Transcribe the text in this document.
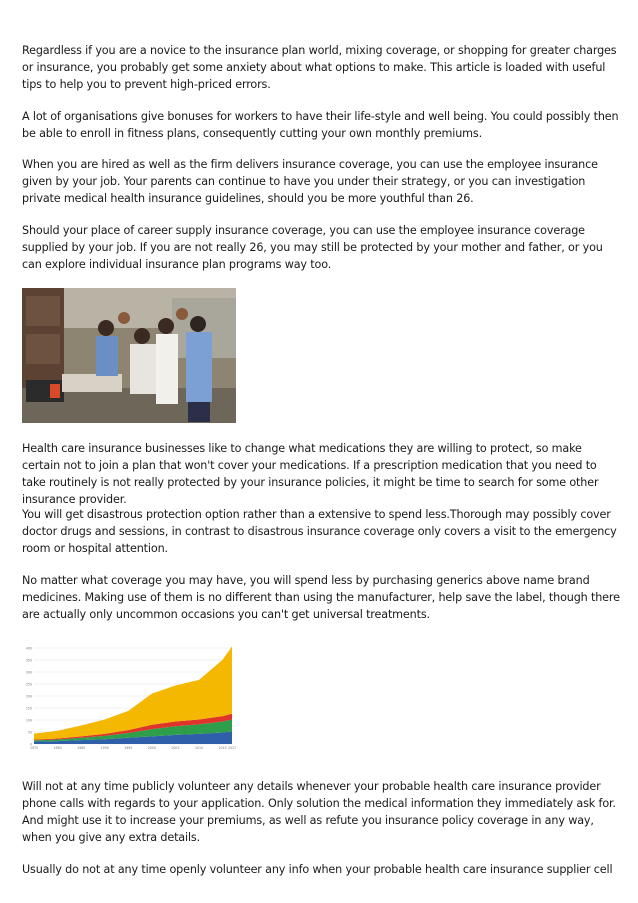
Regardless if you are a novice to the insurance plan world, mixing coverage, or shopping for greater charges or insurance, you probably get some anxiety about what options to make. This article is loaded with useful tips to help you to prevent high-priced errors.

A lot of organisations give bonuses for workers to have their life-style and well being. You could possibly then be able to enroll in fitness plans, consequently cutting your own monthly premiums.

When you are hired as well as the firm delivers insurance coverage, you can use the employee insurance given by your job. Your parents can continue to have you under their strategy, or you can investigation private medical health insurance guidelines, should you be more youthful than 26.

Should your place of career supply insurance coverage, you can use the employee insurance coverage supplied by your job. If you are not really 26, you may still be protected by your mother and father, or you can explore individual insurance plan programs way too.

Health care insurance businesses like to change what medications they are willing to protect, so make certain not to join a plan that won't cover your medications. If a prescription medication that you need to take routinely is not really protected by your insurance policies, it might be time to search for some other insurance provider.

You will get disastrous protection option rather than a extensive to spend less.Thorough may possibly cover doctor drugs and sessions, in contrast to disastrous insurance coverage only covers a visit to the emergency room or hospital attention.

No matter what coverage you may have, you will spend less by purchasing generics above name brand medicines. Making use of them is no different than using the manufacturer, help save the label, though there are actually only uncommon occasions you can't get universal treatments.

0
50
100
150
200
250
300
350
400
1975	1980	1985	1990	1995	2000	2005	2010	2015 2017

Will not at any time publicly volunteer any details whenever your probable health care insurance provider phone calls with regards to your application. Only solution the medical information they immediately ask for. And might use it to increase your premiums, as well as refute you insurance policy coverage in any way, when you give any extra details.

Usually do not at any time openly volunteer any info when your probable health care insurance supplier cell
